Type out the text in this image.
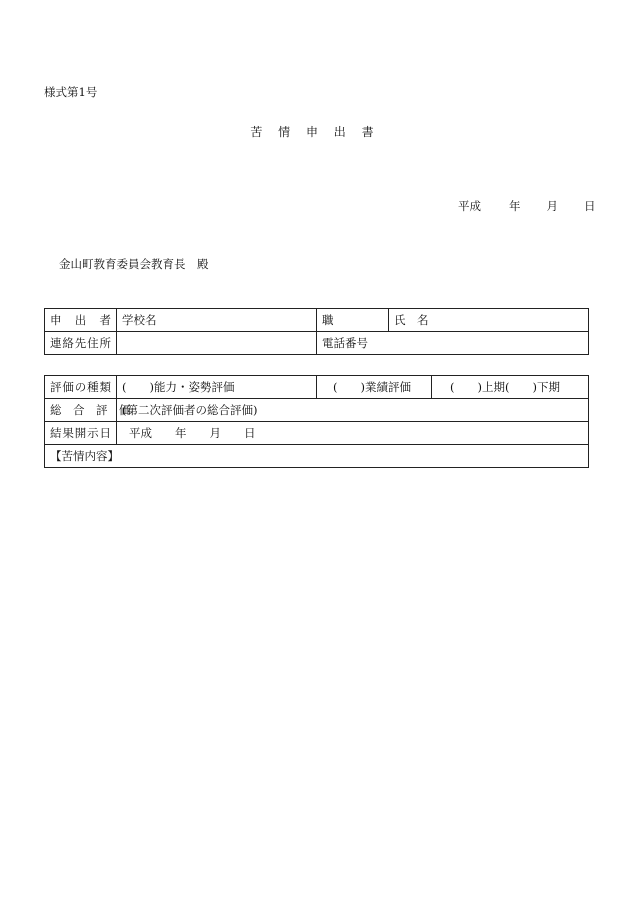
様式第1号
苦 情 申 出 書
平成 年 月 日
金山町教育委員会教育長　殿
申　出　者	学校名	職	氏　名
連絡先住所		電話番号	
評価の種類	(　　)能力・姿勢評価	(　　)業績評価	(　　)上期(　　)下期
総　合　評　価	(第二次評価者の総合評価)		
結果開示日	平成　　年　　月　　日		
【苦情内容】			
